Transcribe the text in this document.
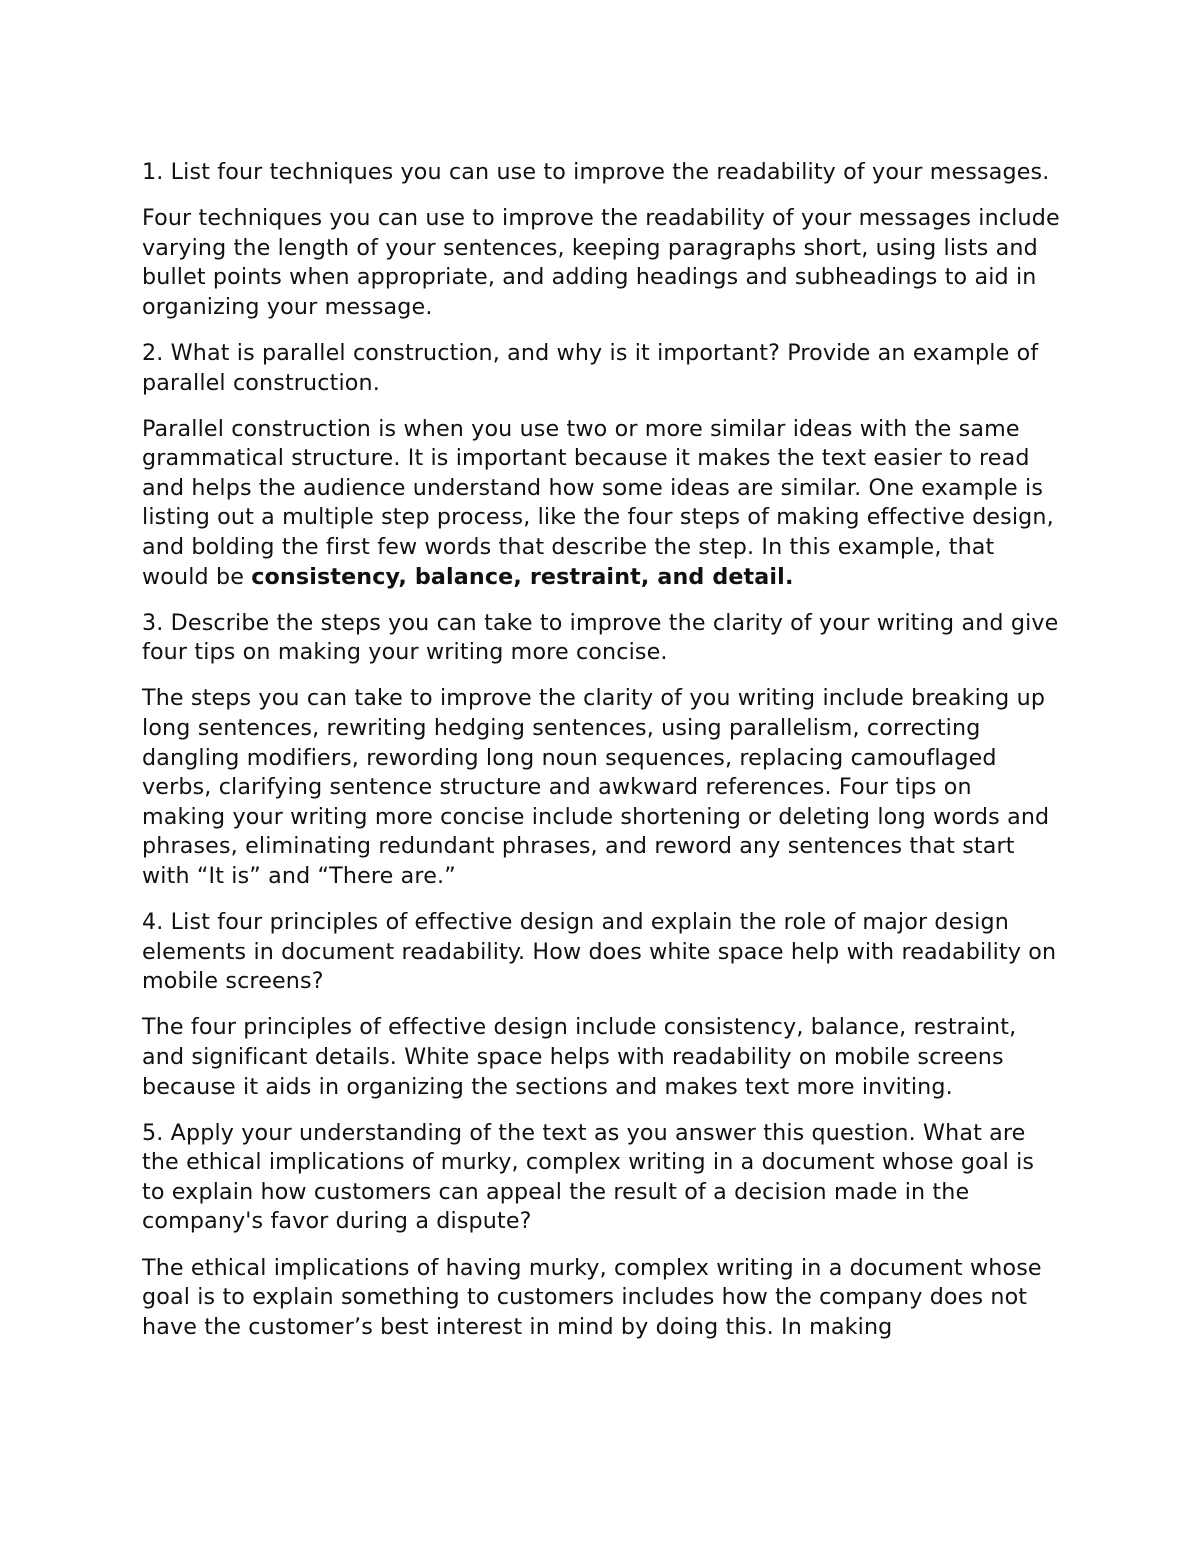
1. List four techniques you can use to improve the readability of your messages.

Four techniques you can use to improve the readability of your messages include varying the length of your sentences, keeping paragraphs short, using lists and bullet points when appropriate, and adding headings and subheadings to aid in organizing your message.

2. What is parallel construction, and why is it important? Provide an example of parallel construction.

Parallel construction is when you use two or more similar ideas with the same grammatical structure. It is important because it makes the text easier to read and helps the audience understand how some ideas are similar. One example is listing out a multiple step process, like the four steps of making effective design, and bolding the first few words that describe the step. In this example, that would be consistency, balance, restraint, and detail.

3. Describe the steps you can take to improve the clarity of your writing and give four tips on making your writing more concise.

The steps you can take to improve the clarity of you writing include breaking up long sentences, rewriting hedging sentences, using parallelism, correcting dangling modifiers, rewording long noun sequences, replacing camouflaged verbs, clarifying sentence structure and awkward references. Four tips on making your writing more concise include shortening or deleting long words and phrases, eliminating redundant phrases, and reword any sentences that start with “It is” and “There are.”

4. List four principles of effective design and explain the role of major design elements in document readability. How does white space help with readability on mobile screens?

The four principles of effective design include consistency, balance, restraint, and significant details. White space helps with readability on mobile screens because it aids in organizing the sections and makes text more inviting.

5. Apply your understanding of the text as you answer this question. What are the ethical implications of murky, complex writing in a document whose goal is to explain how customers can appeal the result of a decision made in the company's favor during a dispute?

The ethical implications of having murky, complex writing in a document whose goal is to explain something to customers includes how the company does not have the customer’s best interest in mind by doing this. In making
